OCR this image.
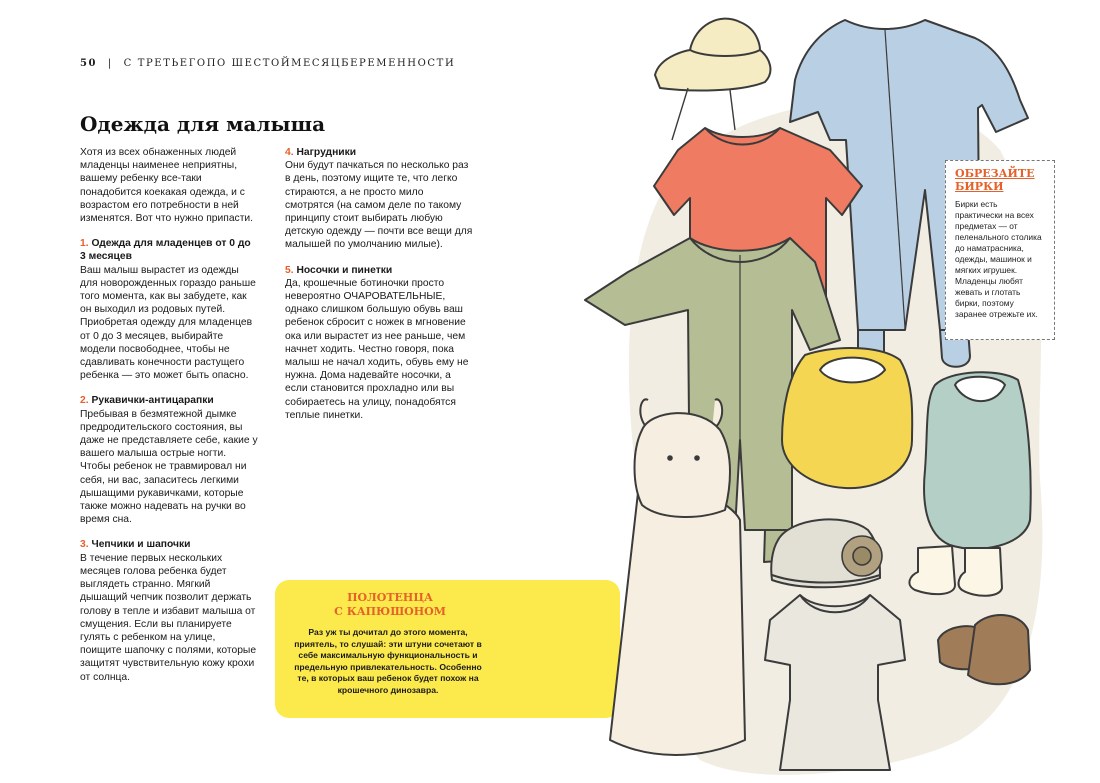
50 | С ТРЕТЬЕГОПО ШЕСТОЙМЕСЯЦБЕРЕМЕННОСТИ
Одежда для малыша

Хотя из всех обнаженных людей младенцы наименее неприятны, вашему ребенку все-таки понадобится коекакая одежда, и с возрастом его потребности в ней изменятся. Вот что нужно припасти.

1. Одежда для младенцев от 0 до 3 месяцев

Ваш малыш вырастет из одежды для новорожденных гораздо раньше того момента, как вы забудете, как он выходил из родовых путей. Приобретая одежду для младенцев от 0 до 3 месяцев, выбирайте модели посвободнее, чтобы не сдавливать конечности растущего ребенка — это может быть опасно.

2. Рукавички-антицарапки

Пребывая в безмятежной дымке предродительского состояния, вы даже не представляете себе, какие у вашего малыша острые ногти. Чтобы ребенок не травмировал ни себя, ни вас, запаситесь легкими дышащими рукавичками, которые также можно надевать на ручки во время сна.

3. Чепчики и шапочки

В течение первых нескольких месяцев голова ребенка будет выглядеть странно. Мягкий дышащий чепчик позволит держать голову в тепле и избавит малыша от смущения. Если вы планируете гулять с ребенком на улице, поищите шапочку с полями, которые защитят чувствительную кожу крохи от солнца.

4. Нагрудники

Они будут пачкаться по несколько раз в день, поэтому ищите те, что легко стираются, а не просто мило смотрятся (на самом деле по такому принципу стоит выбирать любую детскую одежду — почти все вещи для малышей по умолчанию милые).

5. Носочки и пинетки

Да, крошечные ботиночки просто невероятно ОЧАРОВАТЕЛЬНЫЕ, однако слишком большую обувь ваш ребенок сбросит с ножек в мгновение ока или вырастет из нее раньше, чем начнет ходить. Честно говоря, пока малыш не начал ходить, обувь ему не нужна. Дома надевайте носочки, а если становится прохладно или вы собираетесь на улицу, понадобятся теплые пинетки.

ПОЛОТЕНЦА
С КАПЮШОНОМ
Раз уж ты дочитал до этого момента, приятель, то слушай: эти штуни сочетают в себе максимальную функциональность и предельную привлекательность. Особенно те, в которых ваш ребенок будет похож на крошечного динозавра.
ОБРЕЗАЙТЕ
БИРКИ

Бирки есть практически на всех предметах — от пеленального столика до наматрасника, одежды, машинок и мягких игрушек. Младенцы любят жевать и глотать бирки, поэтому заранее отрежьте их.
